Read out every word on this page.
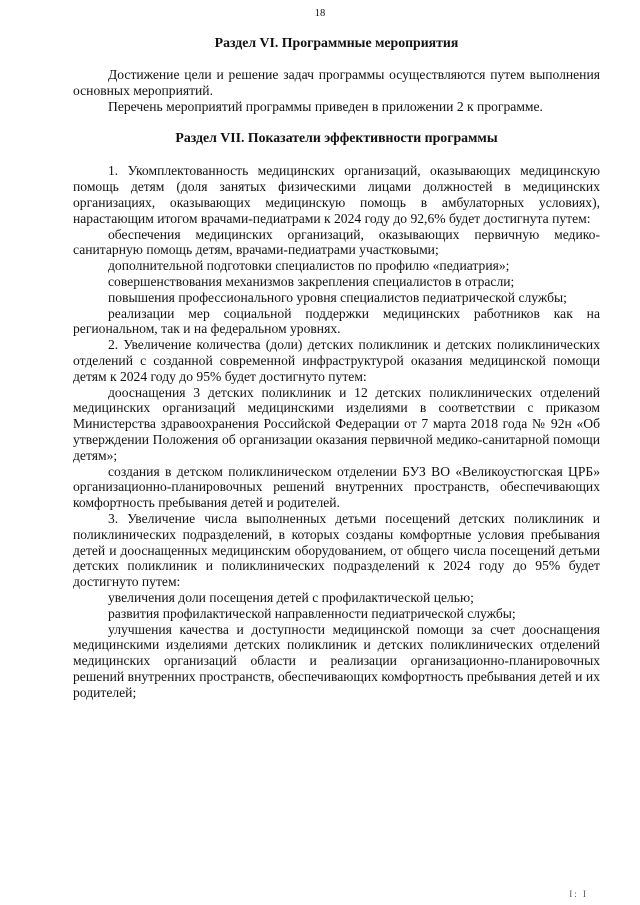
18
Раздел VI. Программные мероприятия

Достижение цели и решение задач программы осуществляются путем выполнения основных мероприятий.

Перечень мероприятий программы приведен в приложении 2 к программе.

Раздел VII. Показатели эффективности программы

1. Укомплектованность медицинских организаций, оказывающих медицинскую помощь детям (доля занятых физическими лицами должностей в медицинских организациях, оказывающих медицинскую помощь в амбулаторных условиях), нарастающим итогом врачами-педиатрами к 2024 году до 92,6% будет достигнута путем:

обеспечения медицинских организаций, оказывающих первичную медико-санитарную помощь детям, врачами-педиатрами участковыми;

дополнительной подготовки специалистов по профилю «педиатрия»;

совершенствования механизмов закрепления специалистов в отрасли;

повышения профессионального уровня специалистов педиатрической службы;

реализации мер социальной поддержки медицинских работников как на региональном, так и на федеральном уровнях.

2. Увеличение количества (доли) детских поликлиник и детских поликлинических отделений с созданной современной инфраструктурой оказания медицинской помощи детям к 2024 году до 95% будет достигнуто путем:

дооснащения 3 детских поликлиник и 12 детских поликлинических отделений медицинских организаций медицинскими изделиями в соответствии с приказом Министерства здравоохранения Российской Федерации от 7 марта 2018 года № 92н «Об утверждении Положения об организации оказания первичной медико-санитарной помощи детям»;

создания в детском поликлиническом отделении БУЗ ВО «Великоустюгская ЦРБ» организационно-планировочных решений внутренних пространств, обеспечивающих комфортность пребывания детей и родителей.

3. Увеличение числа выполненных детьми посещений детских поликлиник и поликлинических подразделений, в которых созданы комфортные условия пребывания детей и дооснащенных медицинским оборудованием, от общего числа посещений детьми детских поликлиник и поликлинических подразделений к 2024 году до 95% будет достигнуто путем:

увеличения доли посещения детей с профилактической целью;

развития профилактической направленности педиатрической службы;

улучшения качества и доступности медицинской помощи за счет дооснащения медицинскими изделиями детских поликлиник и детских поликлинических отделений медицинских организаций области и реализации организационно-планировочных решений внутренних пространств, обеспечивающих комфортность пребывания детей и их родителей;

І: І
